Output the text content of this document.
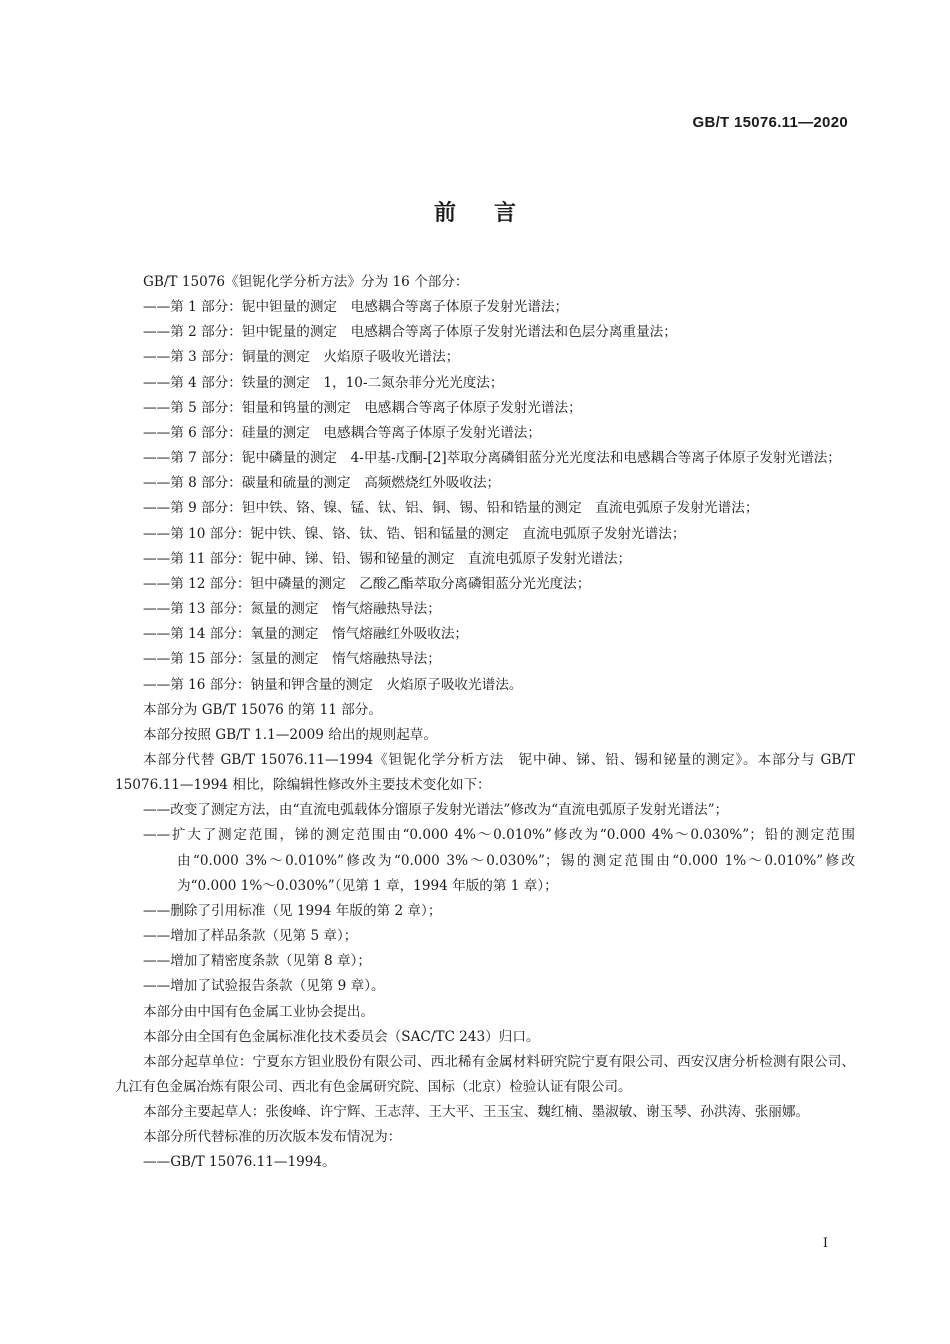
GB/T 15076.11—2020
前言
GB/T 15076《钽铌化学分析方法》分为 16 个部分：
——第 1 部分：铌中钽量的测定　电感耦合等离子体原子发射光谱法；
——第 2 部分：钽中铌量的测定　电感耦合等离子体原子发射光谱法和色层分离重量法；
——第 3 部分：铜量的测定　火焰原子吸收光谱法；
——第 4 部分：铁量的测定　1，10-二氮杂菲分光光度法；
——第 5 部分：钼量和钨量的测定　电感耦合等离子体原子发射光谱法；
——第 6 部分：硅量的测定　电感耦合等离子体原子发射光谱法；
——第 7 部分：铌中磷量的测定　4-甲基-戊酮-[2]萃取分离磷钼蓝分光光度法和电感耦合等离子体原子发射光谱法；
——第 8 部分：碳量和硫量的测定　高频燃烧红外吸收法；
——第 9 部分：钽中铁、铬、镍、锰、钛、铝、铜、锡、铅和锆量的测定　直流电弧原子发射光谱法；
——第 10 部分：铌中铁、镍、铬、钛、锆、铝和锰量的测定　直流电弧原子发射光谱法；
——第 11 部分：铌中砷、锑、铅、锡和铋量的测定　直流电弧原子发射光谱法；
——第 12 部分：钽中磷量的测定　乙酸乙酯萃取分离磷钼蓝分光光度法；
——第 13 部分：氮量的测定　惰气熔融热导法；
——第 14 部分：氧量的测定　惰气熔融红外吸收法；
——第 15 部分：氢量的测定　惰气熔融热导法；
——第 16 部分：钠量和钾含量的测定　火焰原子吸收光谱法。
本部分为 GB/T 15076 的第 11 部分。
本部分按照 GB/T 1.1—2009 给出的规则起草。
本部分代替 GB/T 15076.11—1994《钽铌化学分析方法　铌中砷、锑、铅、锡和铋量的测定》。本部分与 GB/T 15076.11—1994 相比，除编辑性修改外主要技术变化如下：
——改变了测定方法，由“直流电弧载体分馏原子发射光谱法”修改为“直流电弧原子发射光谱法”；
——扩大了测定范围，锑的测定范围由“0.000 4%～0.010%”修改为“0.000 4%～0.030%”；铅的测定范围由“0.000 3%～0.010%”修改为“0.000 3%～0.030%”；锡的测定范围由“0.000 1%～0.010%”修改为“0.000 1%～0.030%”（见第 1 章，1994 年版的第 1 章）；
——删除了引用标准（见 1994 年版的第 2 章）；
——增加了样品条款（见第 5 章）；
——增加了精密度条款（见第 8 章）；
——增加了试验报告条款（见第 9 章）。
本部分由中国有色金属工业协会提出。
本部分由全国有色金属标准化技术委员会（SAC/TC 243）归口。
本部分起草单位：宁夏东方钽业股份有限公司、西北稀有金属材料研究院宁夏有限公司、西安汉唐分析检测有限公司、九江有色金属冶炼有限公司、西北有色金属研究院、国标（北京）检验认证有限公司。
本部分主要起草人：张俊峰、许宁辉、王志萍、王大平、王玉宝、魏红楠、墨淑敏、谢玉琴、孙洪涛、张丽娜。
本部分所代替标准的历次版本发布情况为：
——GB/T 15076.11—1994。
I
